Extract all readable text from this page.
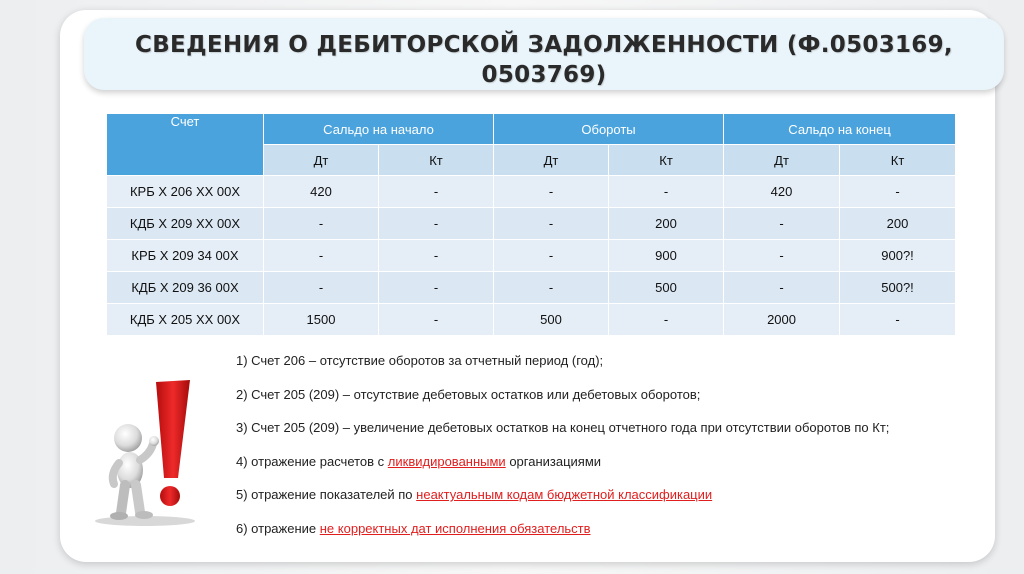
СВЕДЕНИЯ О ДЕБИТОРСКОЙ ЗАДОЛЖЕННОСТИ (Ф.0503169, 0503769)
Счет	Сальдо на начало		Обороты		Сальдо на конец	
	Дт	Кт	Дт	Кт	Дт	Кт
КРБ Х 206 ХХ 00Х	420	-	-	-	420	-
КДБ Х 209 ХХ 00Х	-	-	-	200	-	200
КРБ Х 209 34 00Х	-	-	-	900	-	900?!
КДБ Х 209 36 00Х	-	-	-	500	-	500?!
КДБ Х 205 ХХ 00Х	1500	-	500	-	2000	-
1) Счет 206 – отсутствие оборотов за отчетный период (год);
2) Счет 205 (209) – отсутствие дебетовых остатков или дебетовых оборотов;
3) Счет 205 (209) – увеличение дебетовых остатков на конец отчетного года при отсутствии оборотов по Кт;
4) отражение расчетов с ликвидированными организациями
5) отражение показателей по неактуальным кодам бюджетной классификации
6) отражение не корректных дат исполнения обязательств
